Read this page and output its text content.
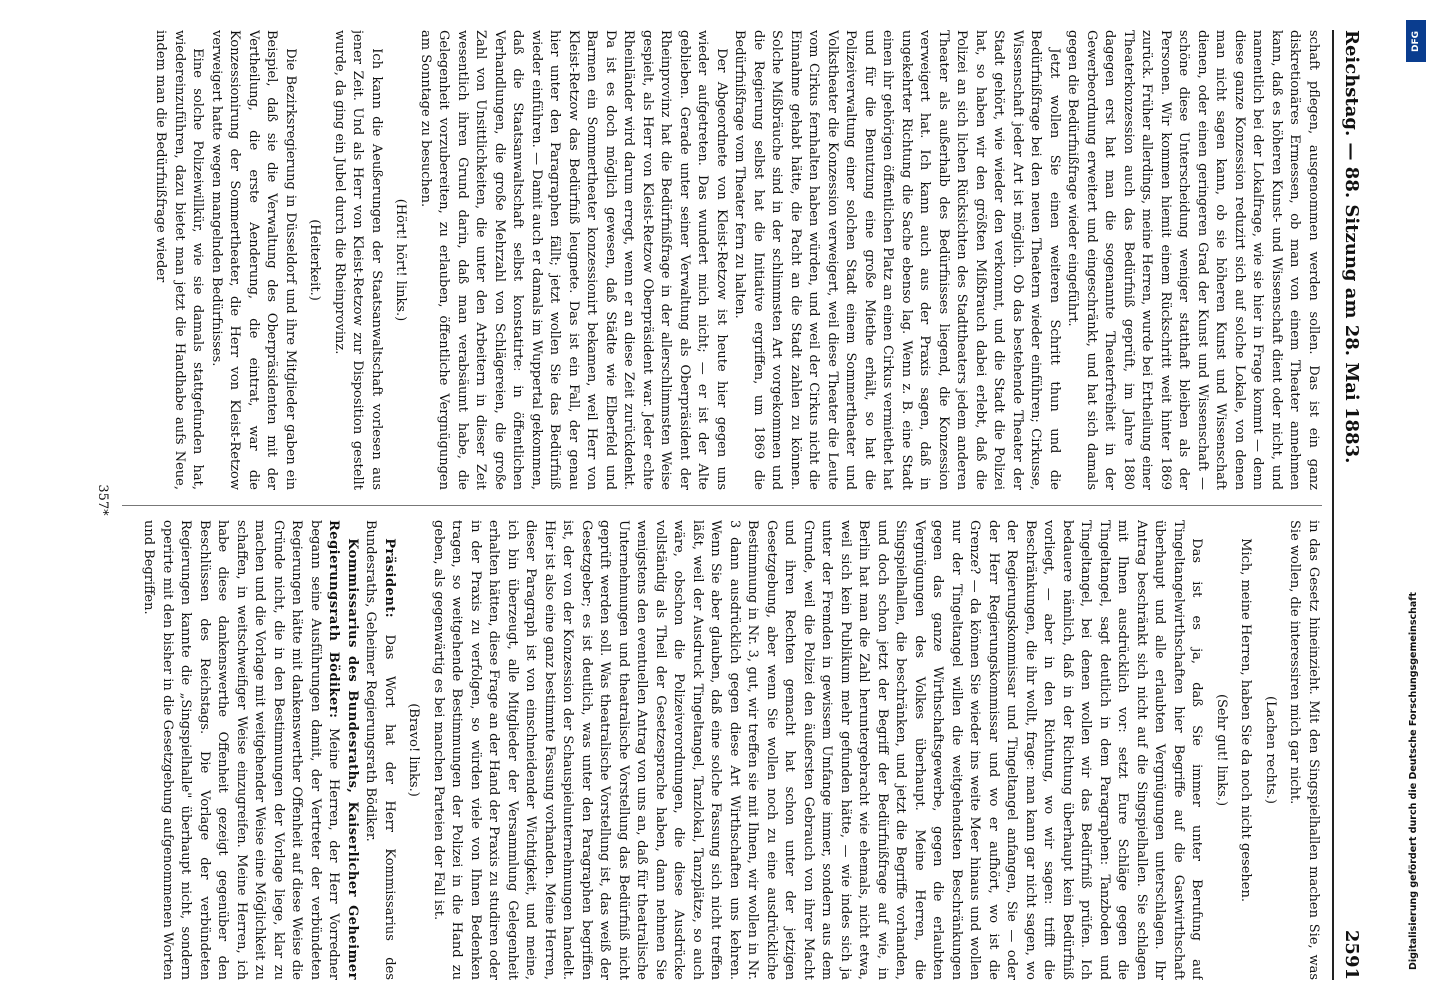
Reichstag. — 88. Sitzung am 28. Mai 1883.
2591

schaft pflegen, ausgenommen werden sollen. Das ist ein ganz diskretionäres Ermessen, ob man von einem Theater annehmen kann, daß es höheren Kunst- und Wissenschaft dient oder nicht, und namentlich bei der Lokalfrage, wie sie hier in Frage kommt — denn diese ganze Konzession reduzirt sich auf solche Lokale, von denen man nicht sagen kann, ob sie höheren Kunst und Wissenschaft dienen, oder einen geringeren Grad der Kunst und Wissenschaft — schöne diese Unterscheidung weniger statthaft bleiben als der Personen. Wir kommen hiemit einem Rückschritt weit hinter 1869 zurück. Früher allerdings, meine Herren, wurde bei Ertheilung einer Theaterkonzession auch das Bedürfniß geprüft, im Jahre 1880 dagegen erst hat man die sogenannte Theaterfreiheit in der Gewerbeordnung erweitert und eingeschränkt, und hat sich damals gegen die Bedürfnißfrage wieder eingeführt.

Jetzt wollen Sie einen weiteren Schritt thun und die Bedürfnißfrage bei den neuen Theatern wieder einführen; Cirkusse, Wissenschaft jeder Art ist möglich. Ob das bestehende Theater der Stadt gehört, wie wieder den verkommt, und die Stadt die Polizei hat, so haben wir den größten Mißbrauch dabei erlebt, daß die Polizei an sich lichen Rücksichten des Stadttheaters jedem anderen Theater als außerhalb des Bedürfnisses liegend, die Konzession verweigert hat. Ich kann auch aus der Praxis sagen, daß in ungekehrter Richtung die Sache ebenso lag. Wenn z. B. eine Stadt einen ihr gehörigen öffentlichen Platz an einen Cirkus vermiethet hat und für die Benutzung eine große Miethe erhält, so hat die Polizeiverwaltung einer solchen Stadt einem Sommertheater und Volkstheater die Konzession verweigert, weil diese Theater die Leute vom Cirkus fernhalten haben würden, und weil der Cirkus nicht die Einnahme gehabt hätte, die Pacht an die Stadt zahlen zu können. Solche Mißbräuche sind in der schlimmsten Art vorgekommen und die Regierung selbst hat die Initiative ergriffen, um 1869 die Bedürfnißfrage vom Theater fern zu halten.

Der Abgeordnete von Kleist-Retzow ist heute hier gegen uns wieder aufgetreten. Das wundert mich nicht; — er ist der Alte geblieben. Gerade unter seiner Verwaltung als Oberpräsident der Rheinprovinz hat die Bedürfnißfrage in der allerschlimmsten Weise gespielt, als Herr von Kleist-Retzow Oberpräsident war. Jeder echte Rheinländer wird darum erregt, wenn er an diese Zeit zurückdenkt. Da ist es doch möglich gewesen, daß Städte wie Elberfeld und Barmen ein Sommertheater konzessionirt bekamen, weil Herr von Kleist-Retzow das Bedürfniß leugnete. Das ist ein Fall, der genau hier unter den Paragraphen fällt; jetzt wollen Sie das Bedürfniß wieder einführen. — Damit auch er damals im Wuppertal gekommen, daß die Staatsanwaltschaft selbst konstatirte: in öffentlichen Verhandlungen, die große Mehrzahl von Schlägereien, die große Zahl von Unsittlichkeiten, die unter den Arbeitern in dieser Zeit wesentlich ihren Grund darin, daß man verabsäumt habe, die Gelegenheit vorzubereiten, zu erlauben, öffentliche Vergnügungen am Sonntage zu besuchen.

(Hört! hört! links.)

Ich kann die Aeußerungen der Staatsanwaltschaft vorlesen aus jener Zeit. Und als Herr von Kleist-Retzow zur Disposition gestellt wurde, da ging ein Jubel durch die Rheinprovinz.

(Heiterkeit.)

Die Bezirksregierung in Düsseldorf und ihre Mitglieder gaben ein Beispiel, daß sie die Verwaltung des Oberpräsidenten mit der Vertheilung, die erste Aenderung, die eintrat, war die Konzessionirung der Sommertheater, die Herr von Kleist-Retzow verweigert hatte wegen mangelnden Bedürfnisses.

Eine solche Polizeiwillkür, wie sie damals stattgefunden hat, wiedereinzuführen, dazu bietet man jetzt die Handhabe aufs Neue, indem man die Bedürfnißfrage wieder

in das Gesetz hineinzieht. Mit den Singspielhallen machen Sie, was Sie wollen, die interessiren mich gar nicht.

(Lachen rechts.)

Mich, meine Herren, haben Sie da noch nicht gesehen.

(Sehr gut! links.)

Das ist es ja, daß Sie immer unter Berufung auf Tingeltangelwirthschaften hier Begriffe auf die Gastwirthschaft überhaupt und alle erlaubten Vergnügungen unterschlagen. Ihr Antrag beschränkt sich nicht auf die Singspielhallen. Sie schlagen mit Ihnen ausdrücklich vor: setzt Eure Schläge gegen die Tingeltangel, sagt deutlich in dem Paragraphen: Tanzboden und Tingeltangel, bei denen wollen wir das Bedürfniß prüfen. Ich bedauere nämlich, daß in der Richtung überhaupt kein Bedürfniß vorliegt, — aber in den Richtung, wo wir sagen: trifft die Beschränkungen, die ihr wollt, frage: man kann gar nicht sagen, wo der Regierungskommissar und Tingeltangel anfangen, Sie — oder der Herr Regierungskommissar und wo er aufhört, wo ist die Grenze? — da können Sie wieder ins weite Meer hinaus und wollen nur der Tingeltangel willen die weitgehendsten Beschränkungen gegen das ganze Wirthschaftsgewerbe, gegen die erlaubten Vergnügungen des Volkes überhaupt. Meine Herren, die Singspielhallen, die beschränken, und jetzt die Begriffe vorhanden, und doch schon jetzt der Begriff der Bedürfnißfrage auf wie, in Berlin hat man die Zahl heruntergebracht wie ehemals, nicht etwa, weil sich kein Publikum mehr gefunden hätte, — wie indes sich ja unter der Fremden in gewissem Umfange immer, sondern aus dem Grunde, weil die Polizei den äußersten Gebrauch von ihrer Macht und ihren Rechten gemacht hat schon unter der jetzigen Gesetzgebung, aber wenn Sie wollen noch zu eine ausdrückliche Bestimmung in Nr. 3, gut, wir treffen sie mit Ihnen, wir wollen in Nr. 3 dann ausdrücklich gegen diese Art Wirthschaften uns kehren. Wenn Sie aber glauben, daß eine solche Fassung sich nicht treffen läßt, weil der Ausdruck Tingeltangel, Tanzlokal, Tanzplätze, so auch wäre, obschon die Polizeiverordnungen, die diese Ausdrücke vollständig als Theil der Gesetzesprache haben, dann nehmen Sie wenigstens den eventuellen Antrag von uns an, daß für theatralische Unternehmungen und theatralische Vorstellung das Bedürfniß nicht geprüft werden soll. Was theatralische Vorstellung ist, das weiß der Gesetzgeber; es ist deutlich, was unter den Paragraphen begriffen ist, der von der Konzession der Schauspielunternehmungen handelt. Hier ist also eine ganz bestimmte Fassung vorhanden. Meine Herren, dieser Paragraph ist von einschneidender Wichtigkeit, und meine, ich bin überzeugt, alle Mitglieder der Versammlung Gelegenheit erhalten hätten, diese Frage an der Hand der Praxis zu studiren oder in der Praxis zu verfolgen, so würden viele von Ihnen Bedenken tragen, so weitgehende Bestimmungen der Polizei in die Hand zu geben, als gegenwärtig es bei manchen Parteien der Fall ist.

(Bravo! links.)

Präsident: Das Wort hat der Herr Kommissarius des Bundesraths, Geheimer Regierungsrath Bödiker.

Kommissarius des Bundesraths, Kaiserlicher Geheimer Regierungsrath Bödiker: Meine Herren, der Herr Vorredner begann seine Ausführungen damit, der Vertreter der verbündeten Regierungen hätte mit dankenswerther Offenheit auf diese Weise die Gründe nicht, die in den Bestimmungen der Vorlage liege, klar zu machen und die Vorlage mit weitgehender Weise eine Möglichkeit zu schaffen, in weitschweifiger Weise einzugreifen. Meine Herren, ich habe diese dankenswerthe Offenheit gezeigt gegenüber den Beschlüssen des Reichstags. Die Vorlage der verbündeten Regierungen kannte die „Singspielhalle" überhaupt nicht, sondern operirte mit den bisher in die Gesetzgebung aufgenommenen Worten und Begriffen.

357*
DFG
Digitalisierung gefördert durch die Deutsche Forschungsgemeinschaft
